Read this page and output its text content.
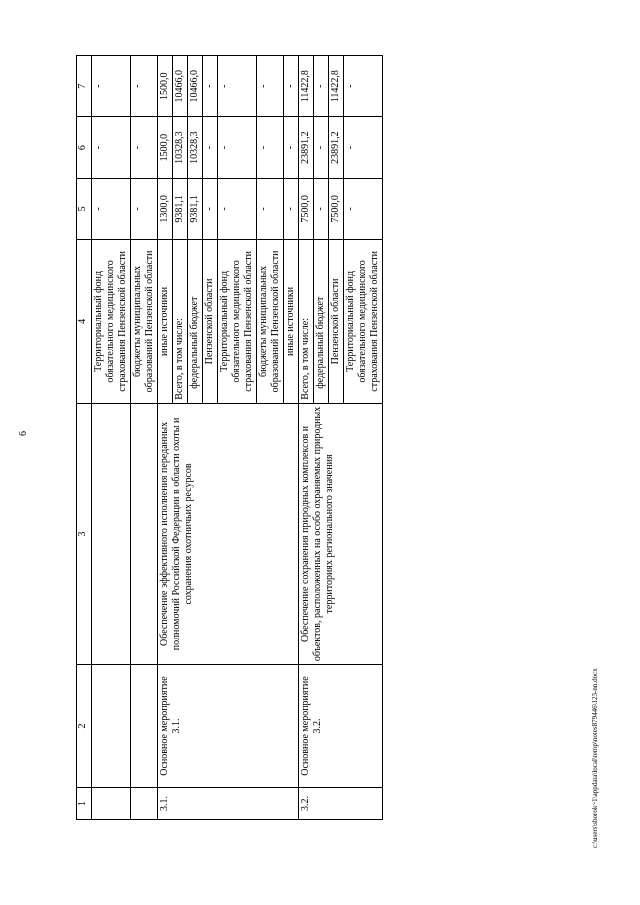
6
c:\users\sborok~1\appdata\local\temp\notes879446\123-nn.docx
1	2	3	4	5	6	7
			Территориальный фонд обязательного медицинского страхования Пензенской области	-	-	-
			бюджеты муниципальных образований Пензенской области	-	-	-
3.1.	Основное мероприятие 3.1.	Обеспечение эффективного исполнения переданных полномочий Российской Федерации в области охоты и сохранения охотничьих ресурсов	иные источники	1300,0	1500,0	1500,0
			Всего, в том числе:	9381,1	10328,3	10466,0
			федеральный бюджет	9381,1	10328,3	10466,0
			Пензенской области	-	-	-
			Территориальный фонд обязательного медицинского страхования Пензенской области	-	-	-
			бюджеты муниципальных образований Пензенской области	-	-	-
			иные источники	-	-	-
3.2.	Основное мероприятие 3.2.	Обеспечение сохранения природных комплексов и объектов, расположенных на особо охраняемых природных территориях регионального значения	Всего, в том числе:	7500,0	23891,2	11422,8
			федеральный бюджет	-	-	-
			Пензенской области	7500,0	23891,2	11422,8
			Территориальный фонд обязательного медицинского страхования Пензенской области	-	-	-
